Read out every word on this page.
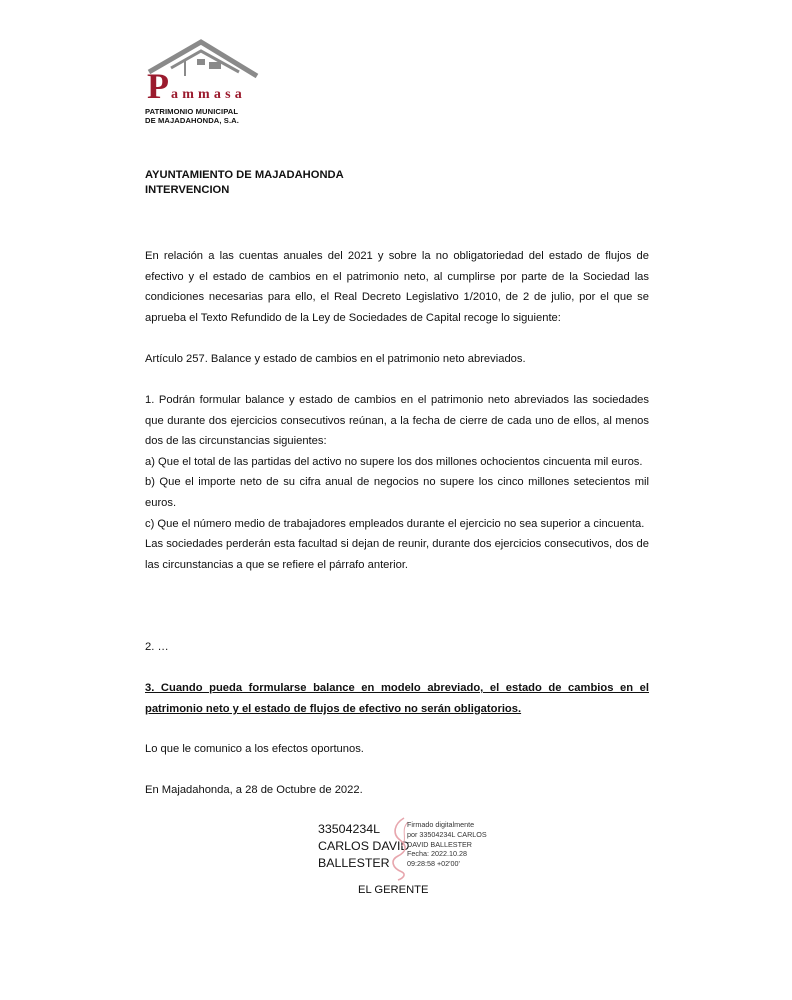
P ammasa
PATRIMONIO MUNICIPAL
DE MAJADAHONDA, S.A.
AYUNTAMIENTO DE MAJADAHONDA
INTERVENCION

En relación a las cuentas anuales del 2021 y sobre la no obligatoriedad del estado de flujos de efectivo y el estado de cambios en el patrimonio neto, al cumplirse por parte de la Sociedad las condiciones necesarias para ello, el Real Decreto Legislativo 1/2010, de 2 de julio, por el que se aprueba el Texto Refundido de la Ley de Sociedades de Capital recoge lo siguiente:

Artículo 257. Balance y estado de cambios en el patrimonio neto abreviados.

1. Podrán formular balance y estado de cambios en el patrimonio neto abreviados las sociedades que durante dos ejercicios consecutivos reúnan, a la fecha de cierre de cada uno de ellos, al menos dos de las circunstancias siguientes:

a) Que el total de las partidas del activo no supere los dos millones ochocientos cincuenta mil euros.

b) Que el importe neto de su cifra anual de negocios no supere los cinco millones setecientos mil euros.

c) Que el número medio de trabajadores empleados durante el ejercicio no sea superior a cincuenta.

Las sociedades perderán esta facultad si dejan de reunir, durante dos ejercicios consecutivos, dos de las circunstancias a que se refiere el párrafo anterior.

2. …

3. Cuando pueda formularse balance en modelo abreviado, el estado de cambios en el patrimonio neto y el estado de flujos de efectivo no serán obligatorios.

Lo que le comunico a los efectos oportunos.

En Majadahonda, a 28 de Octubre de 2022.

33504234L
CARLOS DAVID
BALLESTER
Firmado digitalmente
por 33504234L CARLOS
DAVID BALLESTER
Fecha: 2022.10.28
09:28:58 +02'00'
EL GERENTE
